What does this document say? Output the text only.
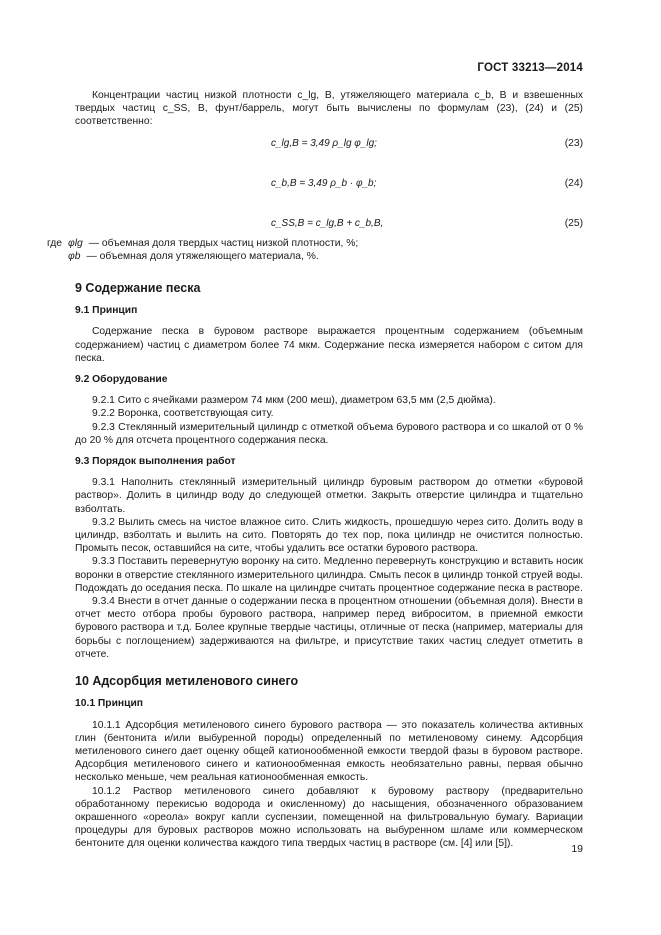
ГОСТ 33213—2014

Концентрации частиц низкой плотности c_lg, B, утяжеляющего материала c_b, B и взвешенных твердых частиц c_SS, B, фунт/баррель, могут быть вычислены по формулам (23), (24) и (25) соответственно:

c_lg,B = 3,49 ρ_lg φ_lg;	(23)
c_b,B = 3,49 ρ_b · φ_b;	(24)
c_SS,B = c_lg,B + c_b,B,	(25)
где φlg — объемная доля твердых частиц низкой плотности, %;
φb — объемная доля утяжеляющего материала, %.
9 Содержание песка
9.1 Принцип

Содержание песка в буровом растворе выражается процентным содержанием (объемным содержанием) частиц с диаметром более 74 мкм. Содержание песка измеряется набором с ситом для песка.

9.2 Оборудование

9.2.1 Сито с ячейками размером 74 мкм (200 меш), диаметром 63,5 мм (2,5 дюйма).

9.2.2 Воронка, соответствующая ситу.

9.2.3 Стеклянный измерительный цилиндр с отметкой объема бурового раствора и со шкалой от 0 % до 20 % для отсчета процентного содержания песка.

9.3 Порядок выполнения работ

9.3.1 Наполнить стеклянный измерительный цилиндр буровым раствором до отметки «буровой раствор». Долить в цилиндр воду до следующей отметки. Закрыть отверстие цилиндра и тщательно взболтать.

9.3.2 Вылить смесь на чистое влажное сито. Слить жидкость, прошедшую через сито. Долить воду в цилиндр, взболтать и вылить на сито. Повторять до тех пор, пока цилиндр не очистится полностью. Промыть песок, оставшийся на сите, чтобы удалить все остатки бурового раствора.

9.3.3 Поставить перевернутую воронку на сито. Медленно перевернуть конструкцию и вставить носик воронки в отверстие стеклянного измерительного цилиндра. Смыть песок в цилиндр тонкой струей воды. Подождать до оседания песка. По шкале на цилиндре считать процентное содержание песка в растворе.

9.3.4 Внести в отчет данные о содержании песка в процентном отношении (объемная доля). Внести в отчет место отбора пробы бурового раствора, например перед виброситом, в приемной емкости бурового раствора и т.д. Более крупные твердые частицы, отличные от песка (например, материалы для борьбы с поглощением) задерживаются на фильтре, и присутствие таких частиц следует отметить в отчете.

10 Адсорбция метиленового синего
10.1 Принцип

10.1.1 Адсорбция метиленового синего бурового раствора — это показатель количества активных глин (бентонита и/или выбуренной породы) определенный по метиленовому синему. Адсорбция метиленового синего дает оценку общей катионообменной емкости твердой фазы в буровом растворе. Адсорбция метиленового синего и катионообменная емкость необязательно равны, первая обычно несколько меньше, чем реальная катионообменная емкость.

10.1.2 Раствор метиленового синего добавляют к буровому раствору (предварительно обработанному перекисью водорода и окисленному) до насыщения, обозначенного образованием окрашенного «ореола» вокруг капли суспензии, помещенной на фильтровальную бумагу. Вариации процедуры для буровых растворов можно использовать на выбуренном шламе или коммерческом бентоните для оценки количества каждого типа твердых частиц в растворе (см. [4] или [5]).	19
